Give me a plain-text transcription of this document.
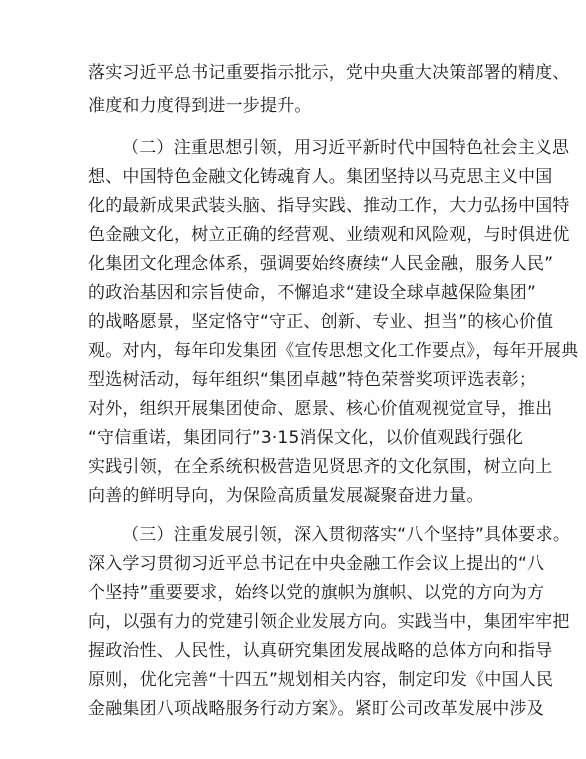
落实习近平总书记重要指示批示，党中央重大决策部署的精度、
准度和力度得到进一步提升。
（二）注重思想引领，用习近平新时代中国特色社会主义思
想、中国特色金融文化铸魂育人。集团坚持以马克思主义中国
化的最新成果武装头脑、指导实践、推动工作，大力弘扬中国特
色金融文化，树立正确的经营观、业绩观和风险观，与时俱进优
化集团文化理念体系，强调要始终赓续“人民金融，服务人民”
的政治基因和宗旨使命，不懈追求“建设全球卓越保险集团”
的战略愿景，坚定恪守“守正、创新、专业、担当”的核心价值
观。对内，每年印发集团《宣传思想文化工作要点》，每年开展典
型选树活动，每年组织“集团卓越”特色荣誉奖项评选表彰；
对外，组织开展集团使命、愿景、核心价值观视觉宣导，推出
“守信重诺，集团同行”3·15消保文化，以价值观践行强化
实践引领，在全系统积极营造见贤思齐的文化氛围，树立向上
向善的鲜明导向，为保险高质量发展凝聚奋进力量。
（三）注重发展引领，深入贯彻落实“八个坚持”具体要求。
深入学习贯彻习近平总书记在中央金融工作会议上提出的“八
个坚持”重要要求，始终以党的旗帜为旗帜、以党的方向为方
向，以强有力的党建引领企业发展方向。实践当中，集团牢牢把
握政治性、人民性，认真研究集团发展战略的总体方向和指导
原则，优化完善“十四五”规划相关内容，制定印发《中国人民
金融集团八项战略服务行动方案》。紧盯公司改革发展中涉及
